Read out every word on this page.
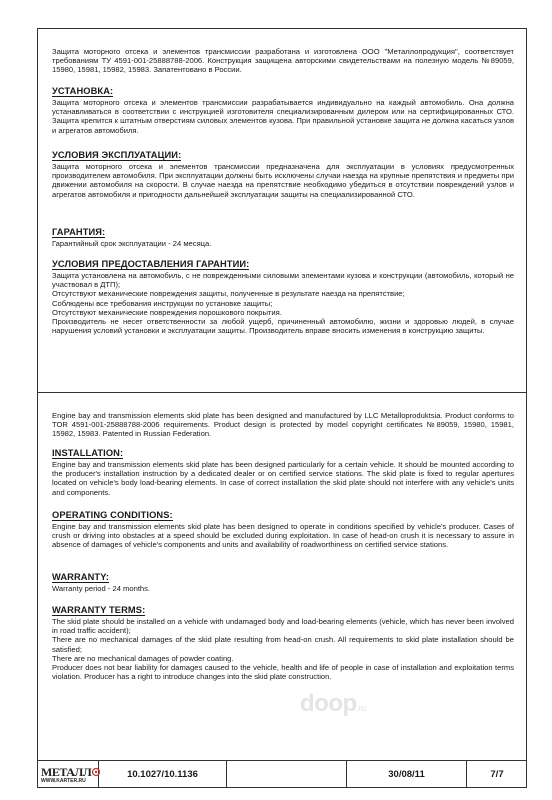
Защита моторного отсека и элементов трансмиссии разработана и изготовлена ООО "Металлопродукция", соответствует требованиям ТУ 4591-001-25888788-2006. Конструкция защищена авторскими свидетельствами на полезную модель №89059, 15980, 15981, 15982, 15983. Запатентовано в России.

УСТАНОВКА:

Защита моторного отсека и элементов трансмиссии разрабатывается индивидуально на каждый автомобиль. Она должна устанавливаться в соответствии с инструкцией изготовителя специализированным дилером или на сертифицированных СТО. Защита крепится к штатным отверстиям силовых элементов кузова. При правильной установке защита не должна касаться узлов и агрегатов автомобиля.

УСЛОВИЯ ЭКСПЛУАТАЦИИ:

Защита моторного отсека и элементов трансмиссии предназначена для эксплуатации в условиях предусмотренных производителем автомобиля. При эксплуатации должны быть исключены случаи наезда на крупные препятствия и предметы при движении автомобиля на скорости. В случае наезда на препятствие необходимо убедиться в отсутствии повреждений узлов и агрегатов автомобиля и пригодности дальнейшей эксплуатации защиты на специализированной СТО.

ГАРАНТИЯ:

Гарантийный срок эксплуатации - 24 месяца.

УСЛОВИЯ ПРЕДОСТАВЛЕНИЯ ГАРАНТИИ:

Защита установлена на автомобиль, с не поврежденными силовыми элементами кузова и конструкции (автомобиль, который не участвовал в ДТП);

Отсутствуют механические повреждения защиты, полученные в результате наезда на препятствие;

Соблюдены все требования инструкции по установке защиты;

Отсутствуют механические повреждения порошкового покрытия.

Производитель не несет ответственности за любой ущерб, причиненный автомобилю, жизни и здоровью людей, в случае нарушения условий установки и эксплуатации защиты. Производитель вправе вносить изменения в конструкцию защиты.

Engine bay and transmission elements skid plate has been designed and manufactured by LLC Metalloproduktsia. Product conforms to TOR 4591-001-25888788-2006 requirements. Product design is protected by model copyright certificates №89059, 15980, 15981, 15982, 15983. Patented in Russian Federation.

INSTALLATION:

Engine bay and transmission elements skid plate has been designed particularly for a certain vehicle. It should be mounted according to the producer's installation instruction by a dedicated dealer or on certified service stations. The skid plate is fixed to regular apertures located on vehicle's body load-bearing elements. In case of correct installation the skid plate should not interfere with any vehicle's units and components.

OPERATING CONDITIONS:

Engine bay and transmission elements skid plate has been designed to operate in conditions specified by vehicle's producer. Cases of crush or driving into obstacles at a speed should be excluded during exploitation. In case of head-on crush it is necessary to assure in absence of damages of vehicle's components and units and availability of roadworthiness on certified service stations.

WARRANTY:

Warranty period - 24 months.

WARRANTY TERMS:

The skid plate should be installed on a vehicle with undamaged body and load-bearing elements (vehicle, which has never been involved in road traffic accident);

There are no mechanical damages of the skid plate resulting from head-on crush. All requirements to skid plate installation should be satisfied;

There are no mechanical damages of powder coating.

Producer does not bear liability for damages caused to the vehicle, health and life of people in case of installation and exploitation terms violation. Producer has a right to introduce changes into the skid plate construction.

doop.ru
МЕТАЛЛ
WWW.KARTER.RU
10.1027/10.1136	30/08/11	7/7
